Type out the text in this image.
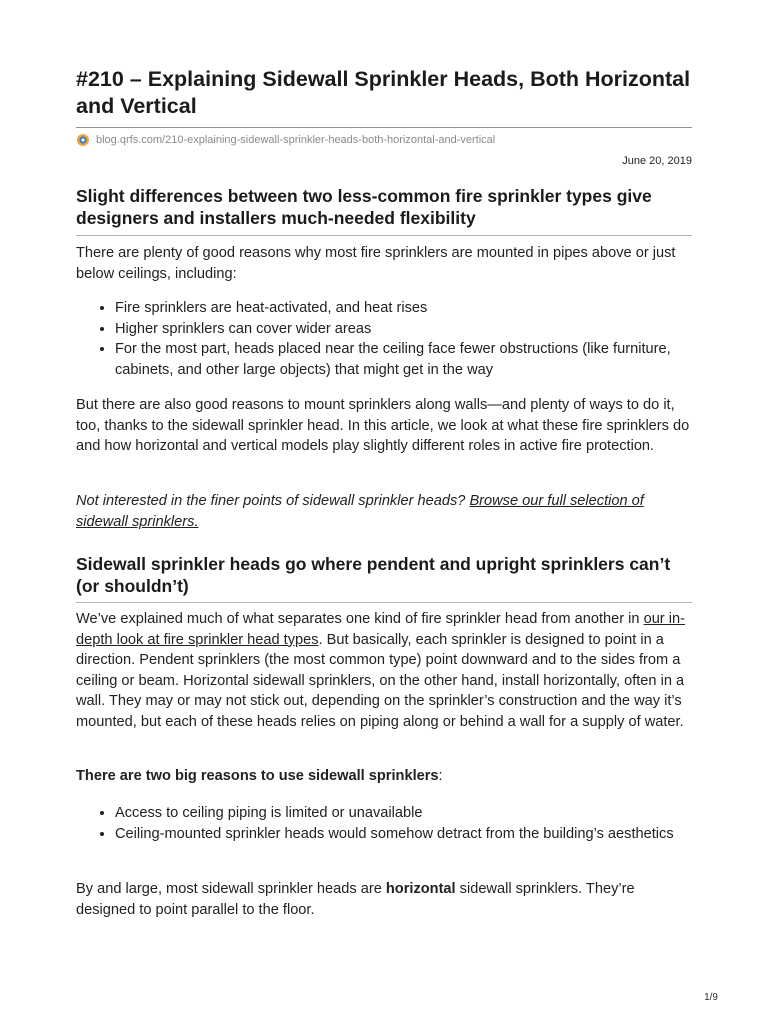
#210 – Explaining Sidewall Sprinkler Heads, Both Horizontal and Vertical
blog.qrfs.com /210-explaining-sidewall-sprinkler-heads-both-horizontal-and-vertical
June 20, 2019
Slight differences between two less-common fire sprinkler types give designers and installers much-needed flexibility

There are plenty of good reasons why most fire sprinklers are mounted in pipes above or just below ceilings, including:

• Fire sprinklers are heat-activated, and heat rises
• Higher sprinklers can cover wider areas
• For the most part, heads placed near the ceiling face fewer obstructions (like furniture, cabinets, and other large objects) that might get in the way

But there are also good reasons to mount sprinklers along walls—and plenty of ways to do it, too, thanks to the sidewall sprinkler head. In this article, we look at what these fire sprinklers do and how horizontal and vertical models play slightly different roles in active fire protection.

Not interested in the finer points of sidewall sprinkler heads? Browse our full selection of sidewall sprinklers.

Sidewall sprinkler heads go where pendent and upright sprinklers can’t (or shouldn’t)

We’ve explained much of what separates one kind of fire sprinkler head from another in our in-depth look at fire sprinkler head types. But basically, each sprinkler is designed to point in a direction. Pendent sprinklers (the most common type) point downward and to the sides from a ceiling or beam. Horizontal sidewall sprinklers, on the other hand, install horizontally, often in a wall. They may or may not stick out, depending on the sprinkler’s construction and the way it’s mounted, but each of these heads relies on piping along or behind a wall for a supply of water.

There are two big reasons to use sidewall sprinklers:

• Access to ceiling piping is limited or unavailable
• Ceiling-mounted sprinkler heads would somehow detract from the building’s aesthetics

By and large, most sidewall sprinkler heads are horizontal sidewall sprinklers. They’re designed to point parallel to the floor.

1/9
